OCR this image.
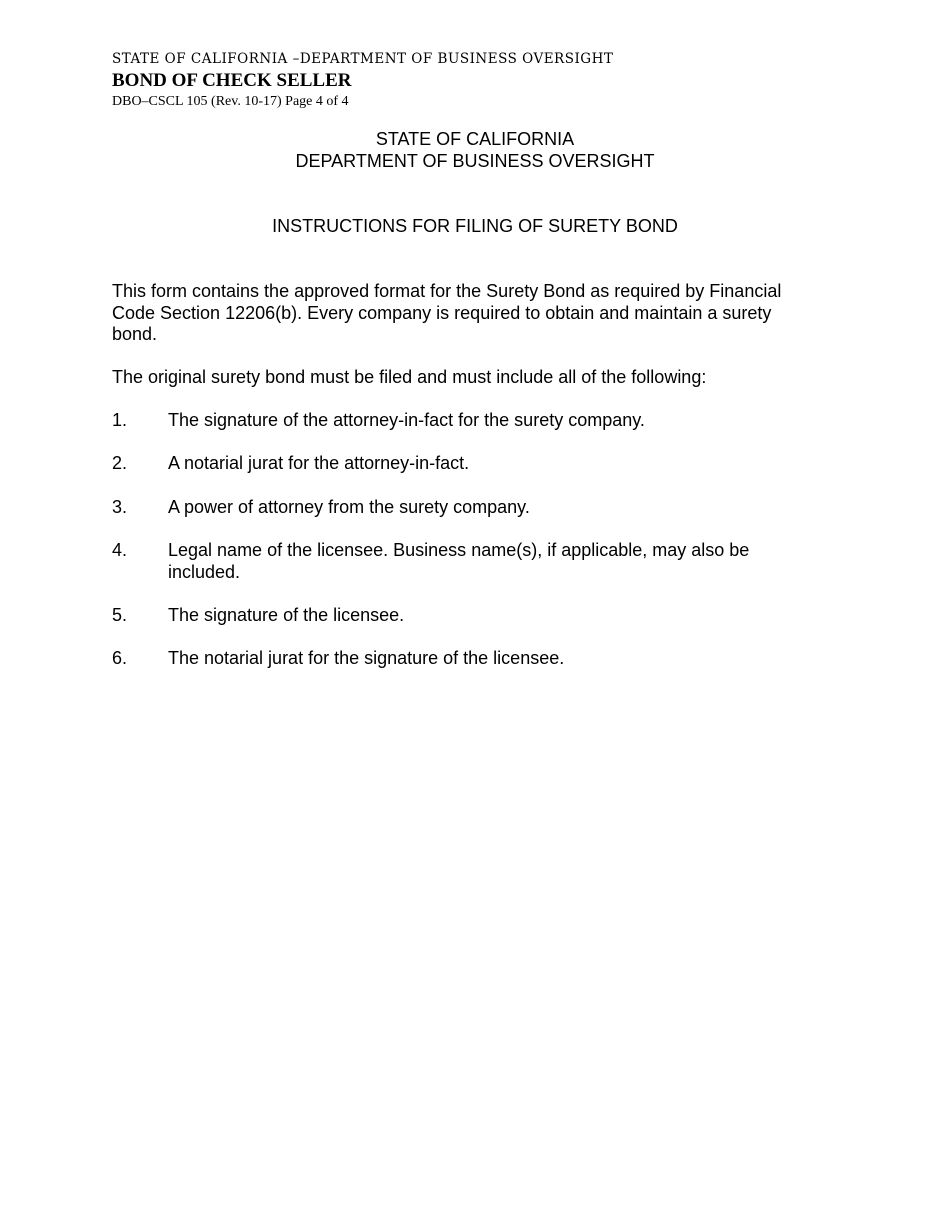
STATE OF CALIFORNIA –DEPARTMENT OF BUSINESS OVERSIGHT
BOND OF CHECK SELLER
DBO–CSCL 105 (Rev. 10-17) Page 4 of 4
STATE OF CALIFORNIA
DEPARTMENT OF BUSINESS OVERSIGHT
INSTRUCTIONS FOR FILING OF SURETY BOND
This form contains the approved format for the Surety Bond as required by Financial Code Section 12206(b). Every company is required to obtain and maintain a surety bond.
The original surety bond must be filed and must include all of the following:
1. The signature of the attorney-in-fact for the surety company.
2. A notarial jurat for the attorney-in-fact.
3. A power of attorney from the surety company.
4. Legal name of the licensee. Business name(s), if applicable, may also be included.
5. The signature of the licensee.
6. The notarial jurat for the signature of the licensee.
